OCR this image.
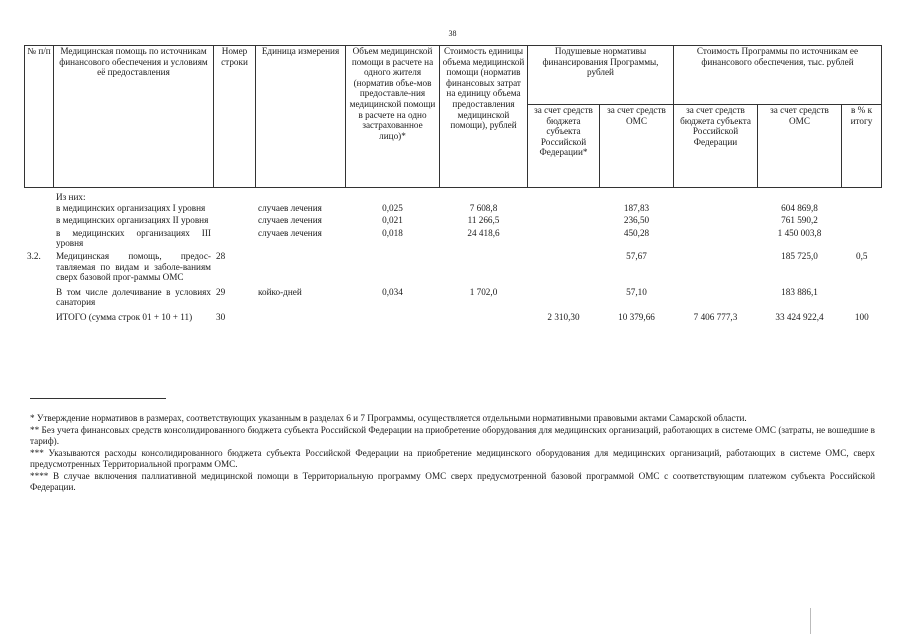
38
№ п/п	Медицинская помощь по источникам финансового обеспечения и условиям её предоставления	Номер строки	Единица измерения	Объем медицинской помощи в расчете на одного жителя (норматив объе-мов предоставле-ния медицинской помощи в расчете на одно застрахованное лицо)*	Стоимость единицы объема медицинской помощи (норматив финансовых затрат на единицу объема предоставления медицинской помощи), рублей	Подушевые нормативы финансирования Программы, рублей		Стоимость Программы по источникам ее финансового обеспечения, тыс. рублей		
						за счет средств бюджета субъекта Российской Федерации*	за счет средств ОМС	за счет средств бюджета субъекта Российской Федерации	за счет средств ОМС	в % к итогу
	Из них:									
	в медицинских организациях I уровня		случаев лечения	0,025	7 608,8		187,83		604 869,8	
	в медицинских организациях II уровня		случаев лечения	0,021	11 266,5		236,50		761 590,2	
	в медицинских организациях III уровня		случаев лечения	0,018	24 418,6		450,28		1 450 003,8	
3.2.	Медицинская помощь, предос-тавляемая по видам и заболе-ваниям сверх базовой прог-раммы ОМС	28					57,67		185 725,0	0,5
	В том числе долечивание в условиях санатория	29	койко-дней	0,034	1 702,0		57,10		183 886,1	
	ИТОГО (сумма строк 01 + 10 + 11)	30				2 310,30	10 379,66	7 406 777,3	33 424 922,4	100

* Утверждение нормативов в размерах, соответствующих указанным в разделах 6 и 7 Программы, осуществляется отдельными нормативными правовыми актами Самарской области.

** Без учета финансовых средств консолидированного бюджета субъекта Российской Федерации на приобретение оборудования для медицинских организаций, работающих в системе ОМС (затраты, не вошедшие в тариф).

*** Указываются расходы консолидированного бюджета субъекта Российской Федерации на приобретение медицинского оборудования для медицинских организаций, работающих в системе ОМС, сверх предусмотренных Территориальной программ ОМС.

**** В случае включения паллиативной медицинской помощи в Территориальную программу ОМС сверх предусмотренной базовой программой ОМС с соответствующим платежом субъекта Российской Федерации.
